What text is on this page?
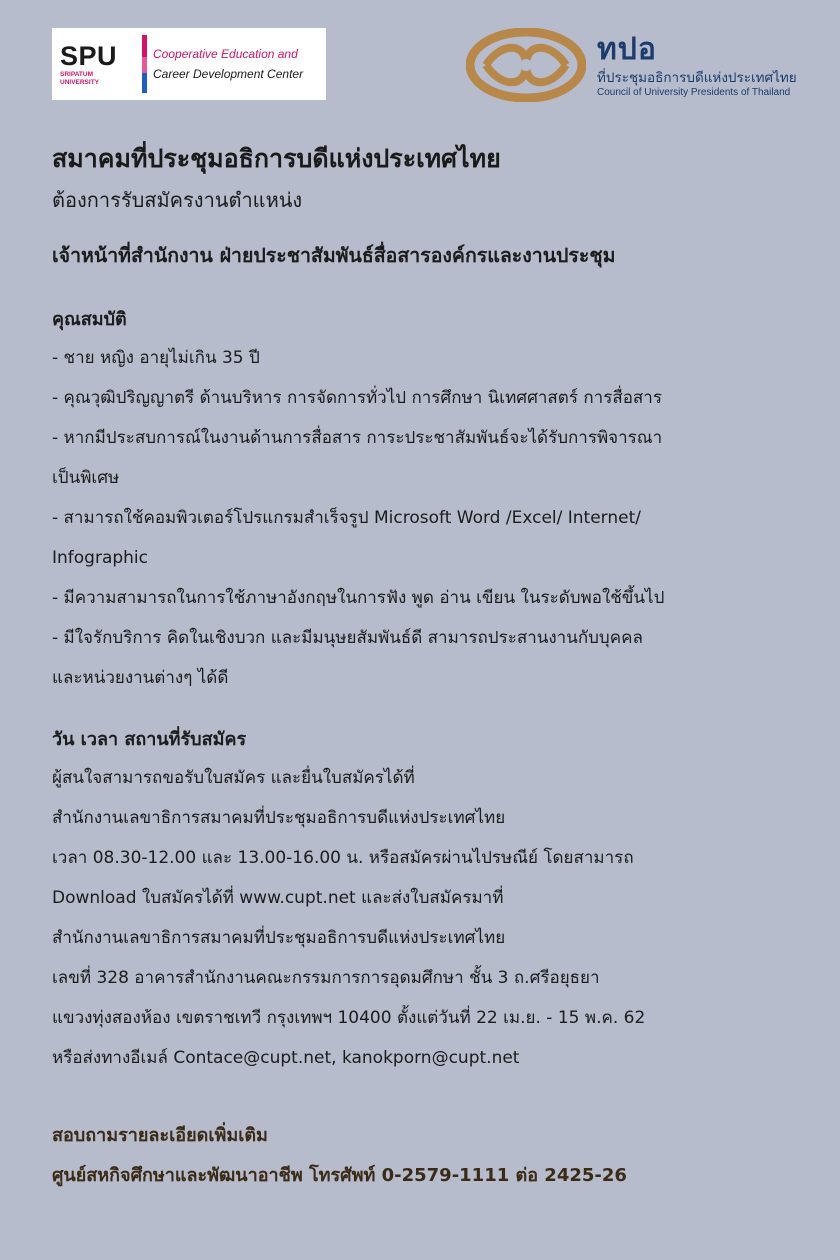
SPU
SRIPATUM
UNIVERSITY
Cooperative Education and
Career Development Center
ทปอ
ที่ประชุมอธิการบดีแห่งประเทศไทย
Council of University Presidents of Thailand
สมาคมที่ประชุมอธิการบดีแห่งประเทศไทย
ต้องการรับสมัครงานตำแหน่ง
เจ้าหน้าที่สำนักงาน ฝ่ายประชาสัมพันธ์สื่อสารองค์กรและงานประชุม
คุณสมบัติ
- ชาย หญิง อายุไม่เกิน 35 ปี
- คุณวุฒิปริญญาตรี ด้านบริหาร การจัดการทั่วไป การศึกษา นิเทศศาสตร์ การสื่อสาร
- หากมีประสบการณ์ในงานด้านการสื่อสาร การะประชาสัมพันธ์จะได้รับการพิจารณา
เป็นพิเศษ
- สามารถใช้คอมพิวเตอร์โปรแกรมสำเร็จรูป Microsoft Word /Excel/ Internet/
Infographic
- มีความสามารถในการใช้ภาษาอังกฤษในการฟัง พูด อ่าน เขียน ในระดับพอใช้ขึ้นไป
- มีใจรักบริการ คิดในเชิงบวก และมีมนุษยสัมพันธ์ดี สามารถประสานงานกับบุคคล
และหน่วยงานต่างๆ ได้ดี
วัน เวลา สถานที่รับสมัคร
ผู้สนใจสามารถขอรับใบสมัคร และยื่นใบสมัครได้ที่
สำนักงานเลขาธิการสมาคมที่ประชุมอธิการบดีแห่งประเทศไทย
เวลา 08.30-12.00 และ 13.00-16.00 น. หรือสมัครผ่านไปรษณีย์ โดยสามารถ
Download ใบสมัครได้ที่ www.cupt.net และส่งใบสมัครมาที่
สำนักงานเลขาธิการสมาคมที่ประชุมอธิการบดีแห่งประเทศไทย
เลขที่ 328 อาคารสำนักงานคณะกรรมการการอุดมศึกษา ชั้น 3 ถ.ศรีอยุธยา
แขวงทุ่งสองห้อง เขตราชเทวี กรุงเทพฯ 10400 ตั้งแต่วันที่ 22 เม.ย. - 15 พ.ค. 62
หรือส่งทางอีเมล์ Contace@cupt.net, kanokporn@cupt.net
สอบถามรายละเอียดเพิ่มเติม
ศูนย์สหกิจศึกษาและพัฒนาอาชีพ โทรศัพท์ 0-2579-1111 ต่อ 2425-26
